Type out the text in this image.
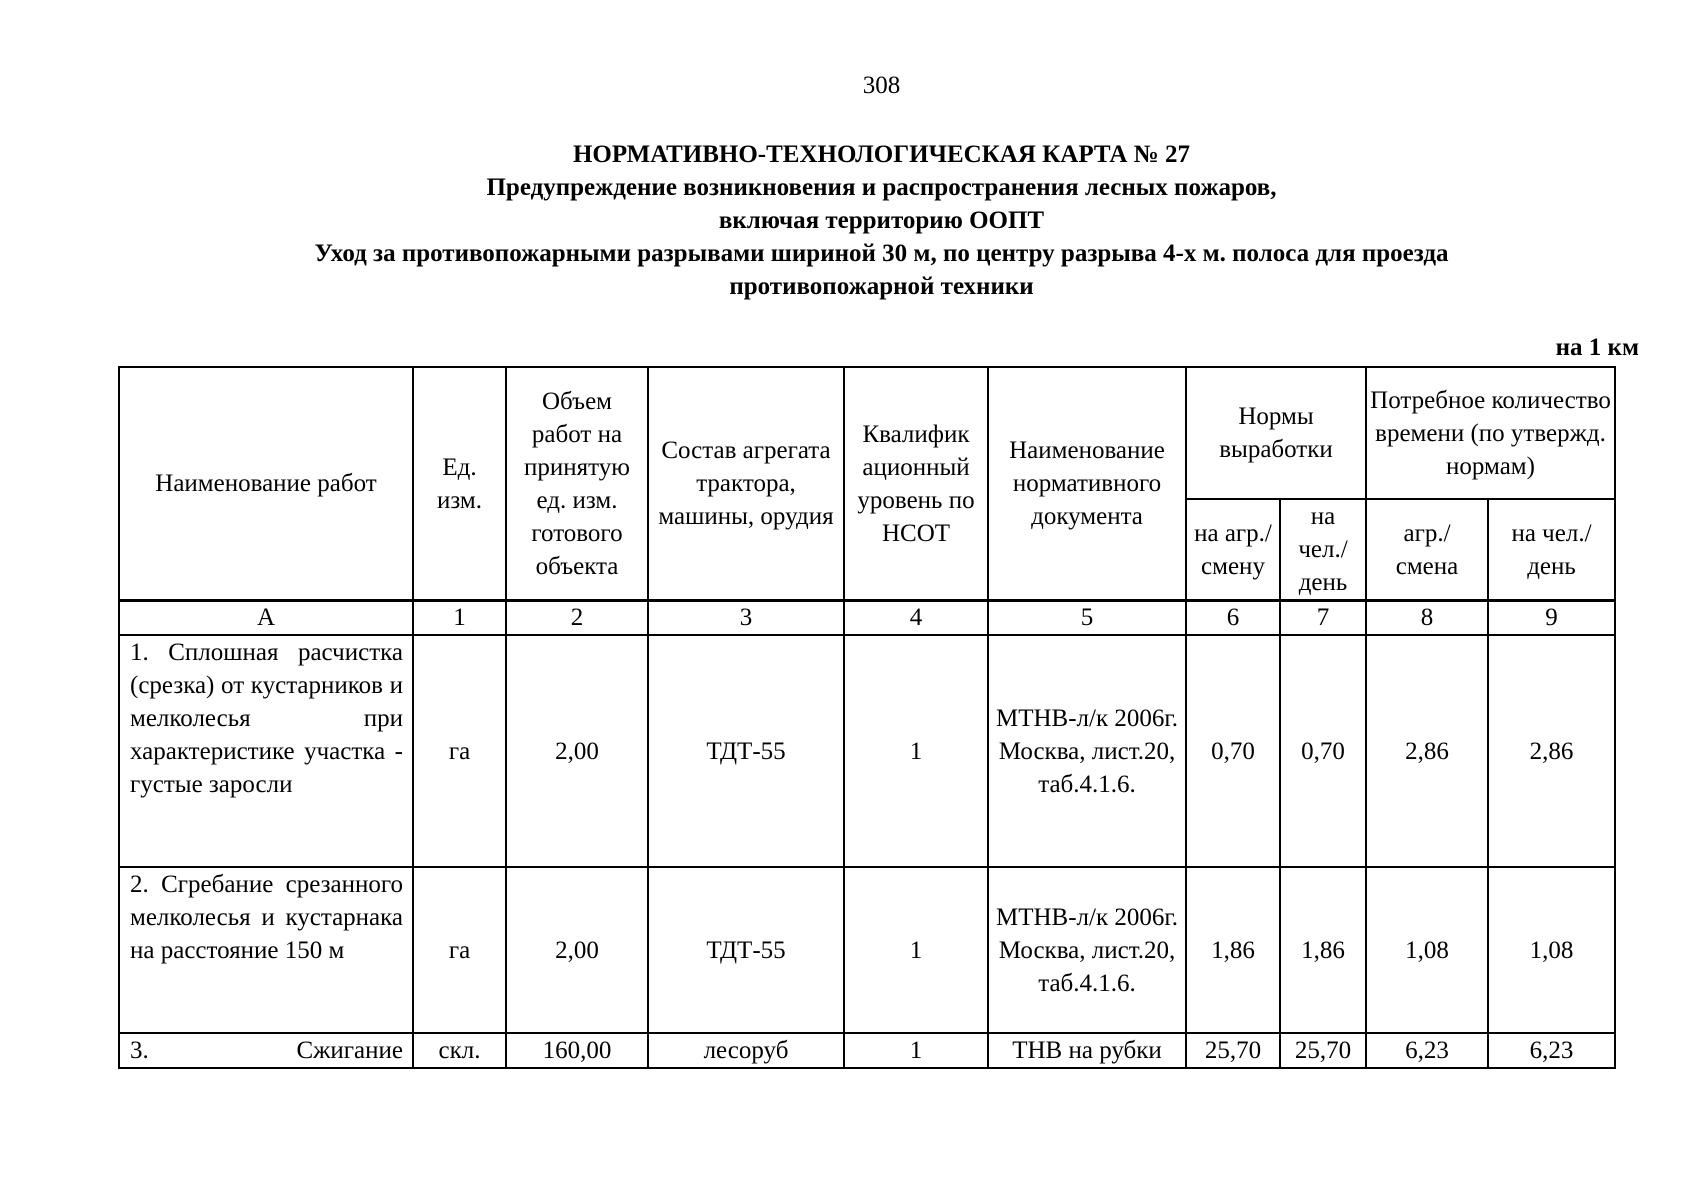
308
НОРМАТИВНО-ТЕХНОЛОГИЧЕСКАЯ КАРТА № 27
Предупреждение возникновения и распространения лесных пожаров,
включая территорию ООПТ
Уход за противопожарными разрывами шириной 30 м, по центру разрыва 4-х м. полоса для проезда
противопожарной техники
на 1 км
Наименование работ	Ед. изм.	Объем работ на принятую ед. изм. готового объекта	Состав агрегата трактора, машины, орудия	Квалифик ационный уровень по НСОТ	Наименование нормативного документа	Нормы выработки		Потребное количество времени (по утвержд. нормам)	
						на агр./ смену	на чел./ день	агр./ смена	на чел./ день
А	1	2	3	4	5	6	7	8	9
1. Сплошная расчистка (срезка) от кустарников и мелколесья при характеристике участка - густые заросли	га	2,00	ТДТ-55	1	МТНВ-л/к 2006г. Москва, лист.20, таб.4.1.6.	0,70	0,70	2,86	2,86
2. Сгребание срезанного мелколесья и кустарнака на расстояние 150 м	га	2,00	ТДТ-55	1	МТНВ-л/к 2006г. Москва, лист.20, таб.4.1.6.	1,86	1,86	1,08	1,08
3. Сжигание	скл.	160,00	лесоруб	1	ТНВ на рубки	25,70	25,70	6,23	6,23
